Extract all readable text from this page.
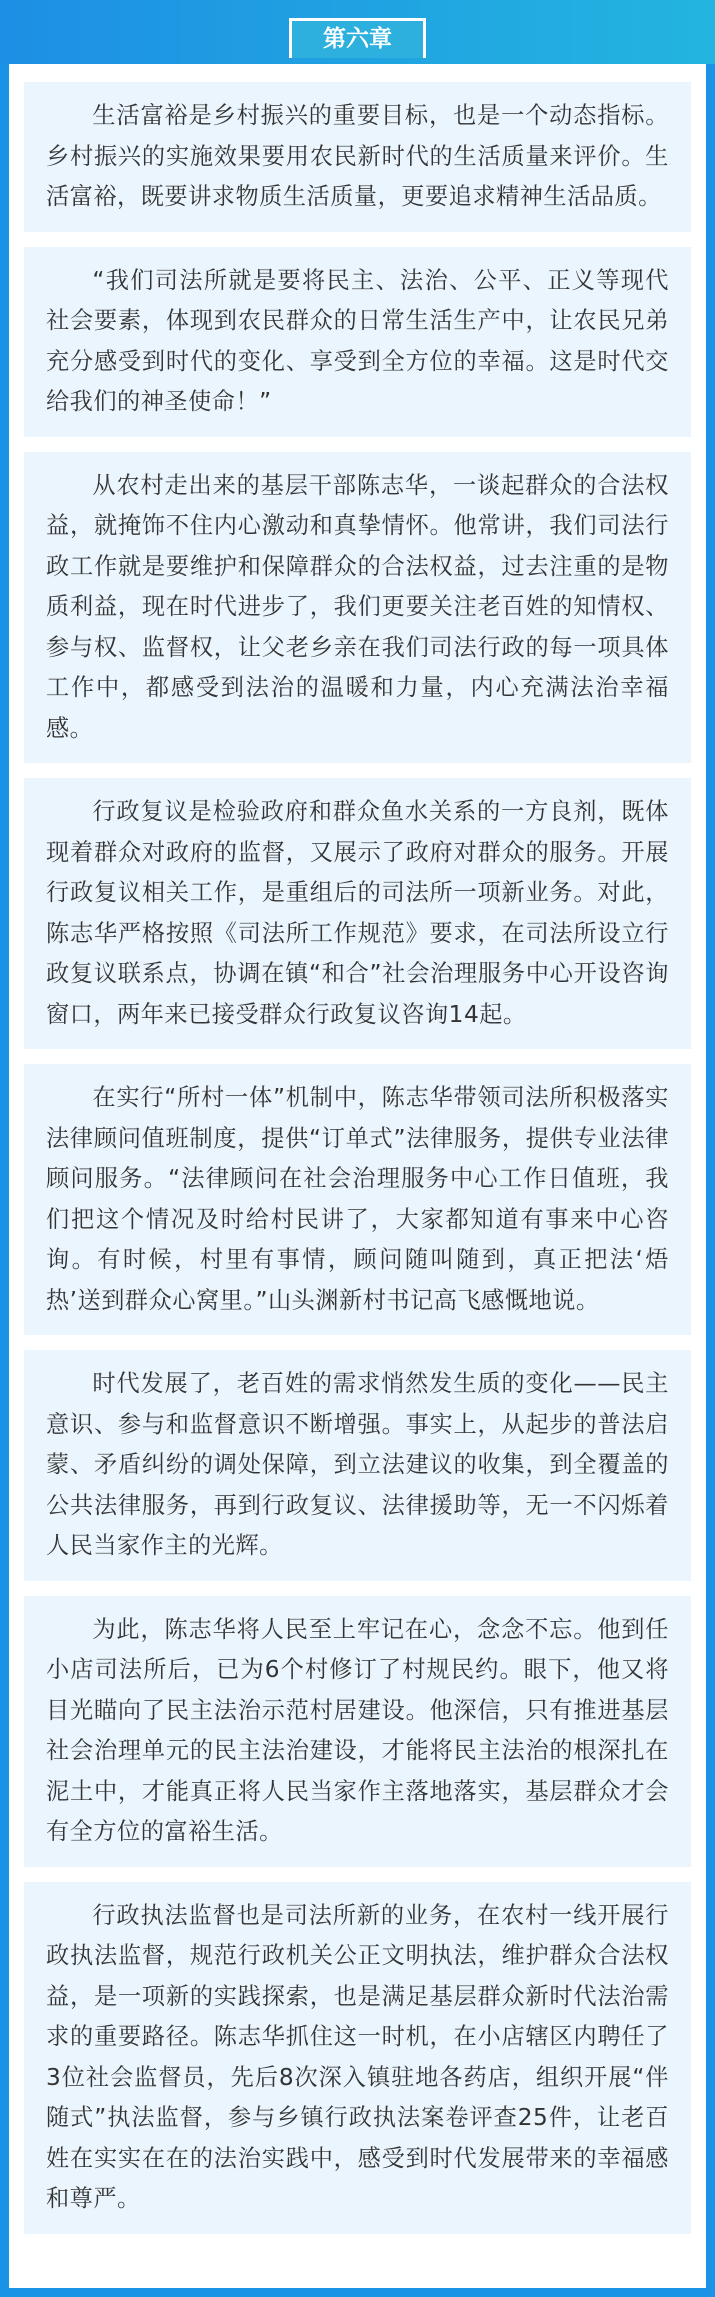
第六章
生活富裕是乡村振兴的重要目标，也是一个动态指标。乡村振兴的实施效果要用农民新时代的生活质量来评价。生活富裕，既要讲求物质生活质量，更要追求精神生活品质。
“我们司法所就是要将民主、法治、公平、正义等现代社会要素，体现到农民群众的日常生活生产中，让农民兄弟充分感受到时代的变化、享受到全方位的幸福。这是时代交给我们的神圣使命！”
从农村走出来的基层干部陈志华，一谈起群众的合法权益，就掩饰不住内心激动和真挚情怀。他常讲，我们司法行政工作就是要维护和保障群众的合法权益，过去注重的是物质利益，现在时代进步了，我们更要关注老百姓的知情权、参与权、监督权，让父老乡亲在我们司法行政的每一项具体工作中，都感受到法治的温暖和力量，内心充满法治幸福感。
行政复议是检验政府和群众鱼水关系的一方良剂，既体现着群众对政府的监督，又展示了政府对群众的服务。开展行政复议相关工作，是重组后的司法所一项新业务。对此，陈志华严格按照《司法所工作规范》要求，在司法所设立行政复议联系点，协调在镇“和合”社会治理服务中心开设咨询窗口，两年来已接受群众行政复议咨询14起。
在实行“所村一体”机制中，陈志华带领司法所积极落实法律顾问值班制度，提供“订单式”法律服务，提供专业法律顾问服务。“法律顾问在社会治理服务中心工作日值班，我们把这个情况及时给村民讲了，大家都知道有事来中心咨询。有时候，村里有事情，顾问随叫随到，真正把法‘焐热’送到群众心窝里。”山头渊新村书记高飞感慨地说。
时代发展了，老百姓的需求悄然发生质的变化——民主意识、参与和监督意识不断增强。事实上，从起步的普法启蒙、矛盾纠纷的调处保障，到立法建议的收集，到全覆盖的公共法律服务，再到行政复议、法律援助等，无一不闪烁着人民当家作主的光辉。
为此，陈志华将人民至上牢记在心，念念不忘。他到任小店司法所后，已为6个村修订了村规民约。眼下，他又将目光瞄向了民主法治示范村居建设。他深信，只有推进基层社会治理单元的民主法治建设，才能将民主法治的根深扎在泥土中，才能真正将人民当家作主落地落实，基层群众才会有全方位的富裕生活。
行政执法监督也是司法所新的业务，在农村一线开展行政执法监督，规范行政机关公正文明执法，维护群众合法权益，是一项新的实践探索，也是满足基层群众新时代法治需求的重要路径。陈志华抓住这一时机，在小店辖区内聘任了3位社会监督员，先后8次深入镇驻地各药店，组织开展“伴随式”执法监督，参与乡镇行政执法案卷评查25件，让老百姓在实实在在的法治实践中，感受到时代发展带来的幸福感和尊严。
